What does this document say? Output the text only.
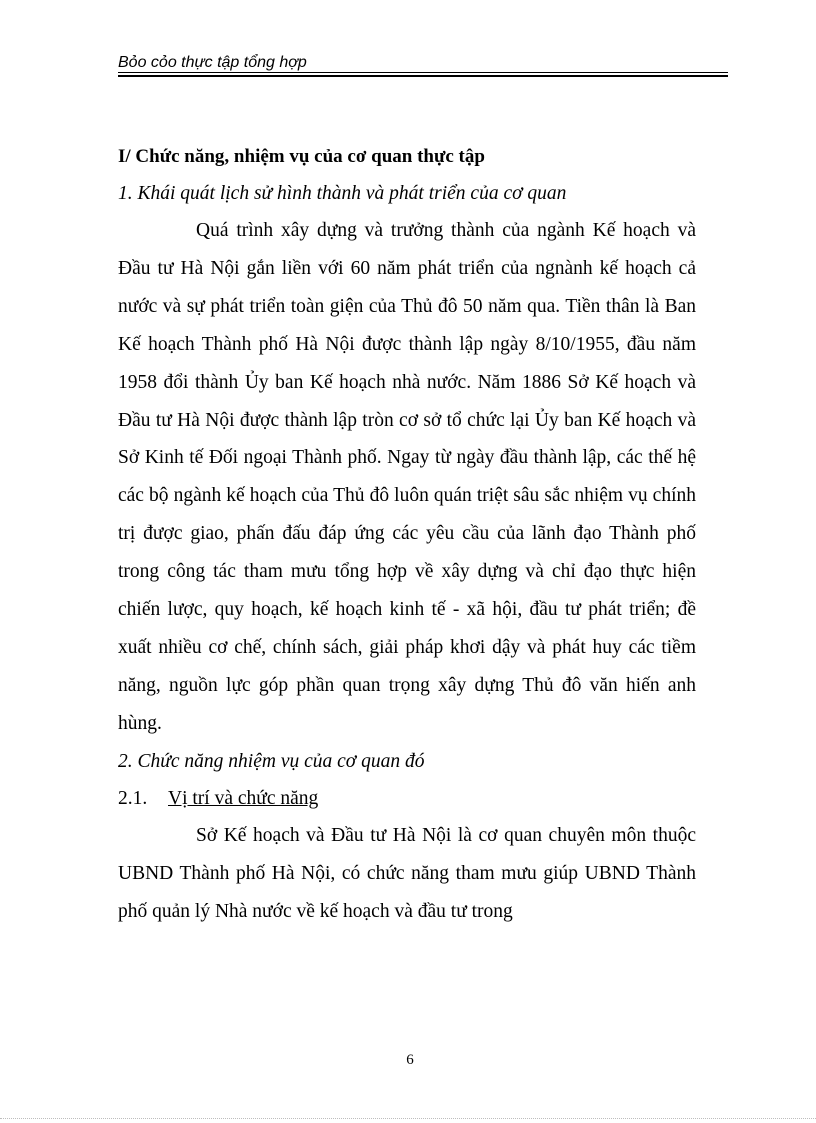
Bỏo cỏo thực tập tổng hợp

I/ Chức năng, nhiệm vụ của cơ quan thực tập

1. Khái quát lịch sử hình thành và phát triển của cơ quan

Quá trình xây dựng và trưởng thành của ngành Kế hoạch và Đầu tư Hà Nội gắn liền với 60 năm phát triển của ngnành kế hoạch cả nước và sự phát triển toàn giện của Thủ đô 50 năm qua. Tiền thân là Ban Kế hoạch Thành phố Hà Nội được thành lập ngày 8/10/1955, đầu năm 1958 đổi thành Ủy ban Kế hoạch nhà nước. Năm 1886 Sở Kế hoạch và Đầu tư Hà Nội được thành lập tròn cơ sở tổ chức lại Ủy ban Kế hoạch và Sở Kinh tế Đối ngoại Thành phố. Ngay từ ngày đầu thành lập, các thế hệ các bộ ngành kế hoạch của Thủ đô luôn quán triệt sâu sắc nhiệm vụ chính trị được giao, phấn đấu đáp ứng các yêu cầu của lãnh đạo Thành phố trong công tác tham mưu tổng hợp về xây dựng và chỉ đạo thực hiện chiến lược, quy hoạch, kế hoạch kinh tế - xã hội, đầu tư phát triển; đề xuất nhiều cơ chế, chính sách, giải pháp khơi dậy và phát huy các tiềm năng, nguồn lực góp phần quan trọng xây dựng Thủ đô văn hiến anh hùng.

2. Chức năng nhiệm vụ của cơ quan đó

2.1. Vị trí và chức năng

Sở Kế hoạch và Đầu tư Hà Nội là cơ quan chuyên môn thuộc UBND Thành phố Hà Nội, có chức năng tham mưu giúp UBND Thành phố quản lý Nhà nước về kế hoạch và đầu tư trong

6
